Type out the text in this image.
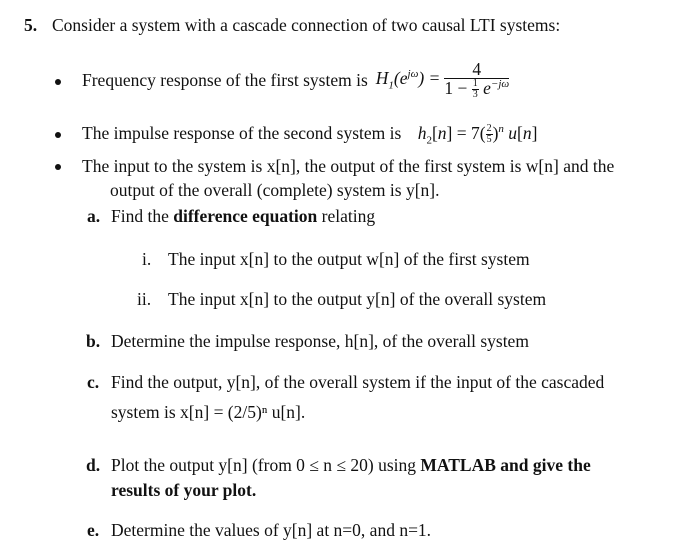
5. Consider a system with a cascade connection of two causal LTI systems:
Frequency response of the first system is $H_1(e^{j\omega}) = \frac{4}{1 - \frac{1}{3} e^{-j\omega}}$
The impulse response of the second system is $h_2[n] = 7( \frac{2}{5} )^n$ u[n]
The input to the system is x[n], the output of the first system is w[n] and the
output of the overall (complete) system is y[n].
a. Find the difference equation relating
i. The input x[n] to the output w[n] of the first system
ii. The input x[n] to the output y[n] of the overall system
b. Determine the impulse response, h[n], of the overall system
c. Find the output, y[n], of the overall system if the input of the cascaded
system is x[n] = (2/5)ⁿ u[n].
d. Plot the output y[n] (from 0 ≤ n ≤ 20) using MATLAB and give the
results of your plot.
e. Determine the values of y[n] at n=0, and n=1.
